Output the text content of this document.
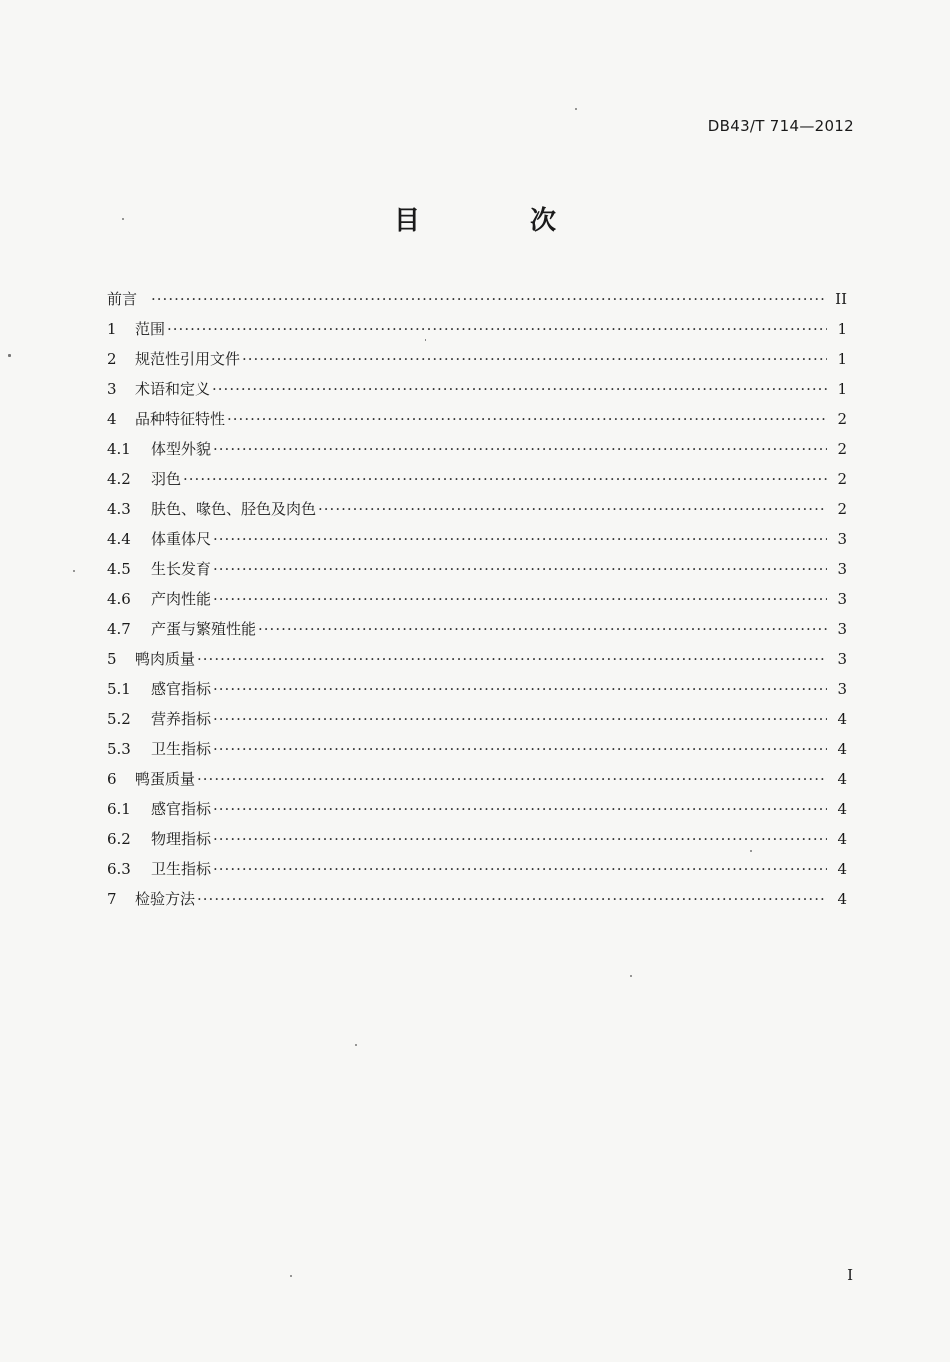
DB43/T 714—2012
目　次
前言 ·····	II
1	范围 ·····	1
2	规范性引用文件 ·····	1
3	术语和定义 ·····	1
4	品种特征特性 ·····	2
4.1	体型外貌 ·····	2
4.2	羽色 ·····	2
4.3	肤色、喙色、胫色及肉色 ·····	2
4.4	体重体尺 ·····	3
4.5	生长发育 ·····	3
4.6	产肉性能 ·····	3
4.7	产蛋与繁殖性能 ·····	3
5	鸭肉质量 ·····	3
5.1	感官指标 ·····	3
5.2	营养指标 ·····	4
5.3	卫生指标 ·····	4
6	鸭蛋质量 ·····	4
6.1	感官指标 ·····	4
6.2	物理指标 ·····	4
6.3	卫生指标 ·····	4
7	检验方法 ·····	4
I
